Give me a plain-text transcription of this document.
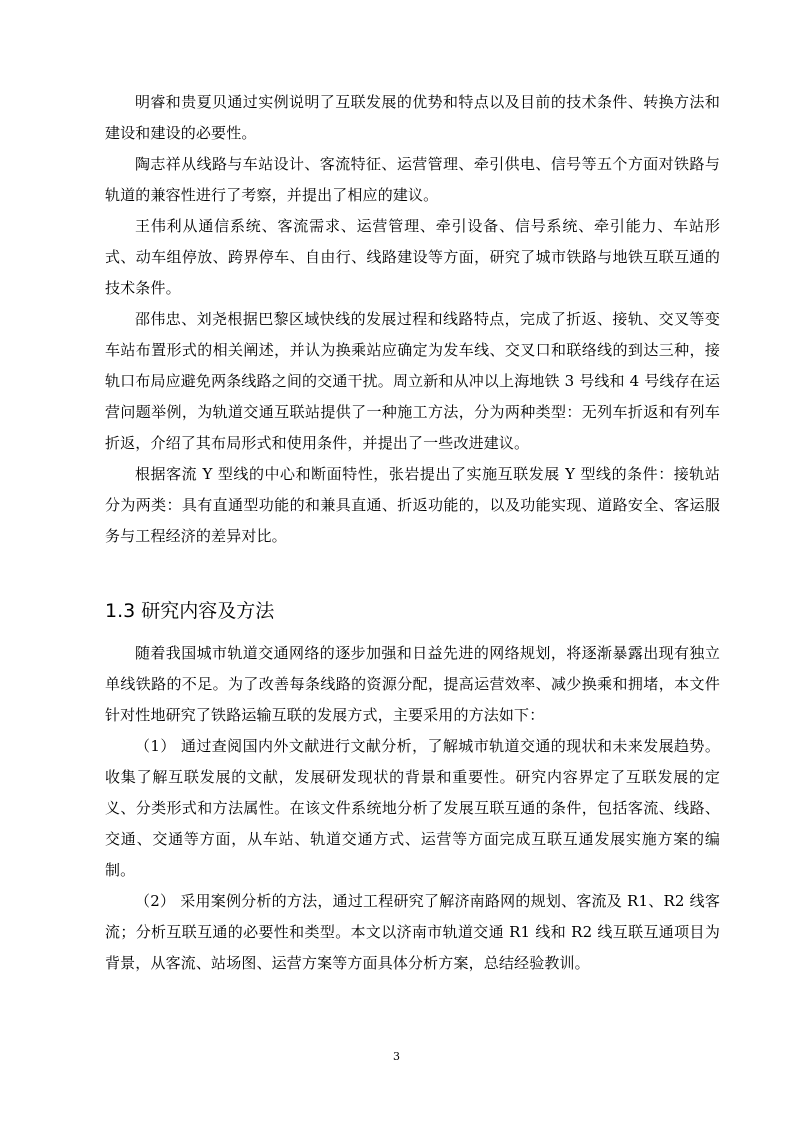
明睿和贵夏贝通过实例说明了互联发展的优势和特点以及目前的技术条件、转换方法和建设和建设的必要性。

陶志祥从线路与车站设计、客流特征、运营管理、牵引供电、信号等五个方面对铁路与轨道的兼容性进行了考察，并提出了相应的建议。

王伟利从通信系统、客流需求、运营管理、牵引设备、信号系统、牵引能力、车站形式、动车组停放、跨界停车、自由行、线路建设等方面，研究了城市铁路与地铁互联互通的技术条件。

邵伟忠、刘尧根据巴黎区域快线的发展过程和线路特点，完成了折返、接轨、交叉等变车站布置形式的相关阐述，并认为换乘站应确定为发车线、交叉口和联络线的到达三种，接轨口布局应避免两条线路之间的交通干扰。周立新和从冲以上海地铁 3 号线和 4 号线存在运营问题举例，为轨道交通互联站提供了一种施工方法，分为两种类型：无列车折返和有列车折返，介绍了其布局形式和使用条件，并提出了一些改进建议。

根据客流 Y 型线的中心和断面特性，张岩提出了实施互联发展 Y 型线的条件：接轨站分为两类：具有直通型功能的和兼具直通、折返功能的，以及功能实现、道路安全、客运服务与工程经济的差异对比。

1.3 研究内容及方法

随着我国城市轨道交通网络的逐步加强和日益先进的网络规划，将逐渐暴露出现有独立单线铁路的不足。为了改善每条线路的资源分配，提高运营效率、减少换乘和拥堵，本文件针对性地研究了铁路运输互联的发展方式，主要采用的方法如下：

（1） 通过查阅国内外文献进行文献分析，了解城市轨道交通的现状和未来发展趋势。收集了解互联发展的文献，发展研发现状的背景和重要性。研究内容界定了互联发展的定义、分类形式和方法属性。在该文件系统地分析了发展互联互通的条件，包括客流、线路、交通、交通等方面，从车站、轨道交通方式、运营等方面完成互联互通发展实施方案的编制。

（2） 采用案例分析的方法，通过工程研究了解济南路网的规划、客流及 R1、R2 线客流；分析互联互通的必要性和类型。本文以济南市轨道交通 R1 线和 R2 线互联互通项目为背景，从客流、站场图、运营方案等方面具体分析方案，总结经验教训。

3
